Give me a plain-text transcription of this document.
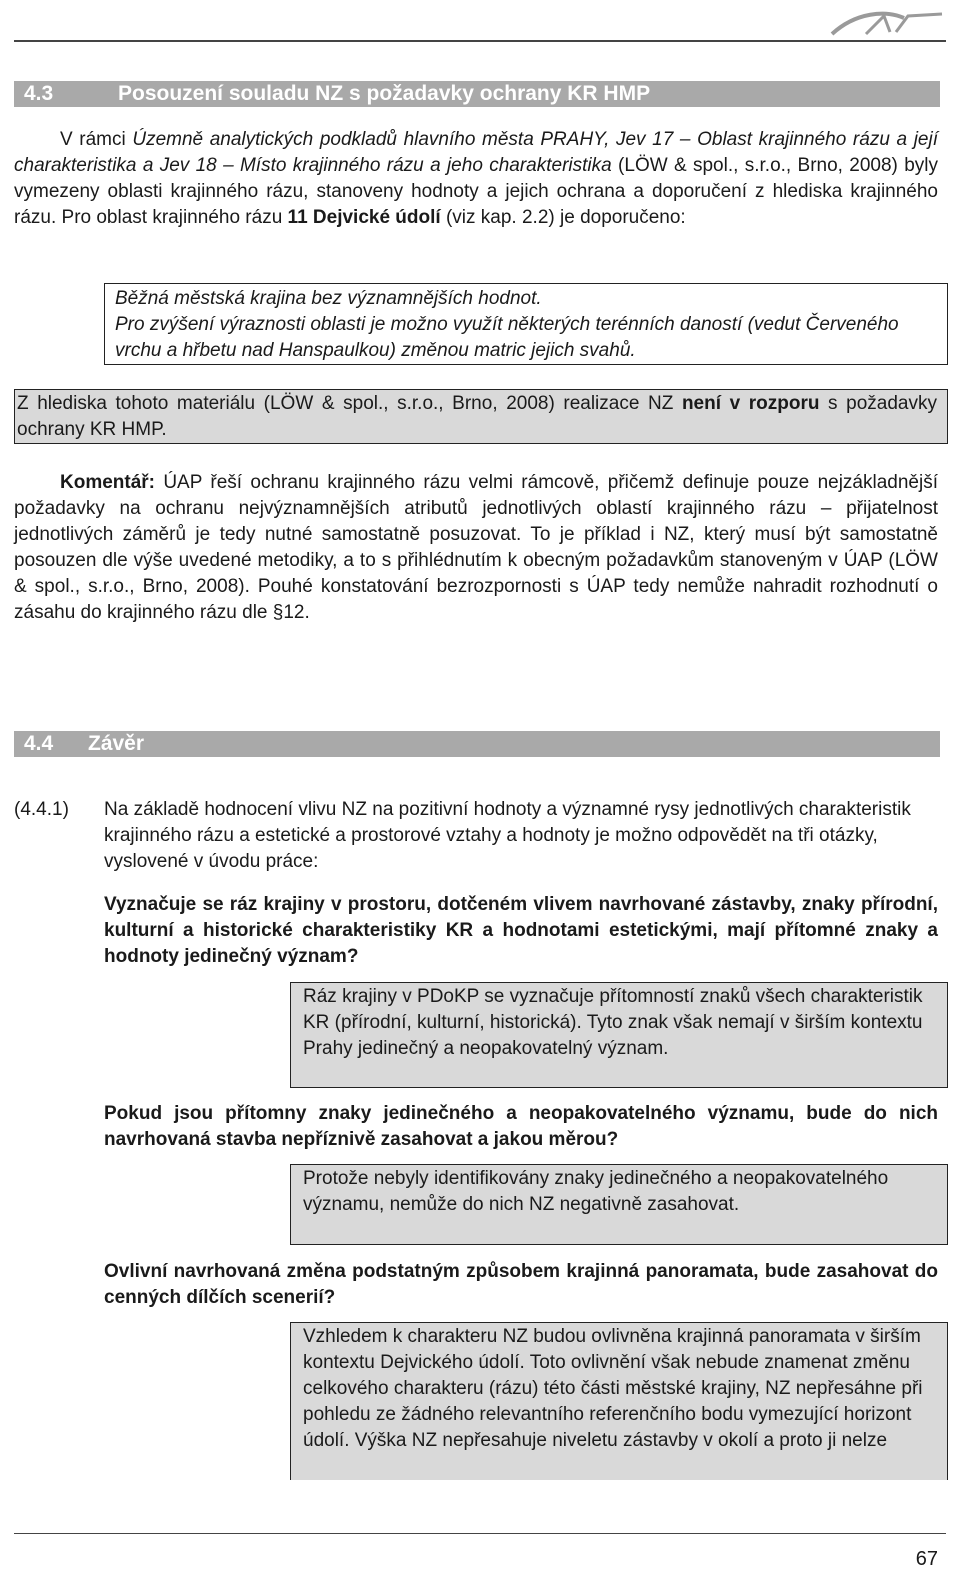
4.3	Posouzení souladu NZ s požadavky ochrany KR HMP
V rámci Územně analytických podkladů hlavního města PRAHY, Jev 17 – Oblast krajinného rázu a její charakteristika a Jev 18 – Místo krajinného rázu a jeho charakteristika (LÖW & spol., s.r.o., Brno, 2008) byly vymezeny oblasti krajinného rázu, stanoveny hodnoty a jejich ochrana a doporučení z hlediska krajinného rázu. Pro oblast krajinného rázu 11 Dejvické údolí (viz kap. 2.2) je doporučeno:
Běžná městská krajina bez významnějších hodnot.
Pro zvýšení výraznosti oblasti je možno využít některých terénních daností (vedut Červeného vrchu a hřbetu nad Hanspaulkou) změnou matric jejich svahů.
Z hlediska tohoto materiálu (LÖW & spol., s.r.o., Brno, 2008) realizace NZ není v rozporu s požadavky ochrany KR HMP.
Komentář: ÚAP řeší ochranu krajinného rázu velmi rámcově, přičemž definuje pouze nejzákladnější požadavky na ochranu nejvýznamnějších atributů jednotlivých oblastí krajinného rázu – přijatelnost jednotlivých záměrů je tedy nutné samostatně posuzovat. To je příklad i NZ, který musí být samostatně posouzen dle výše uvedené metodiky, a to s přihlédnutím k obecným požadavkům stanoveným v ÚAP (LÖW & spol., s.r.o., Brno, 2008). Pouhé konstatování bezrozpornosti s ÚAP tedy nemůže nahradit rozhodnutí o zásahu do krajinného rázu dle §12.
4.4 Závěr
(4.4.1) Na základě hodnocení vlivu NZ na pozitivní hodnoty a významné rysy jednotlivých charakteristik krajinného rázu a estetické a prostorové vztahy a hodnoty je možno odpovědět na tři otázky, vyslovené v úvodu práce:
Vyznačuje se ráz krajiny v prostoru, dotčeném vlivem navrhované zástavby, znaky přírodní, kulturní a historické charakteristiky KR a hodnotami estetickými, mají přítomné znaky a hodnoty jedinečný význam?
Ráz krajiny v PDoKP se vyznačuje přítomností znaků všech charakteristik KR (přírodní, kulturní, historická). Tyto znak však nemají v širším kontextu Prahy jedinečný a neopakovatelný význam.
Pokud jsou přítomny znaky jedinečného a neopakovatelného významu, bude do nich navrhovaná stavba nepříznivě zasahovat a jakou měrou?
Protože nebyly identifikovány znaky jedinečného a neopakovatelného významu, nemůže do nich NZ negativně zasahovat.
Ovlivní navrhovaná změna podstatným způsobem krajinná panoramata, bude zasahovat do cenných dílčích scenerií?
Vzhledem k charakteru NZ budou ovlivněna krajinná panoramata v širším kontextu Dejvického údolí. Toto ovlivnění však nebude znamenat změnu celkového charakteru (rázu) této části městské krajiny, NZ nepřesáhne při pohledu ze žádného relevantního referenčního bodu vymezující horizont údolí. Výška NZ nepřesahuje niveletu zástavby v okolí a proto ji nelze
67
